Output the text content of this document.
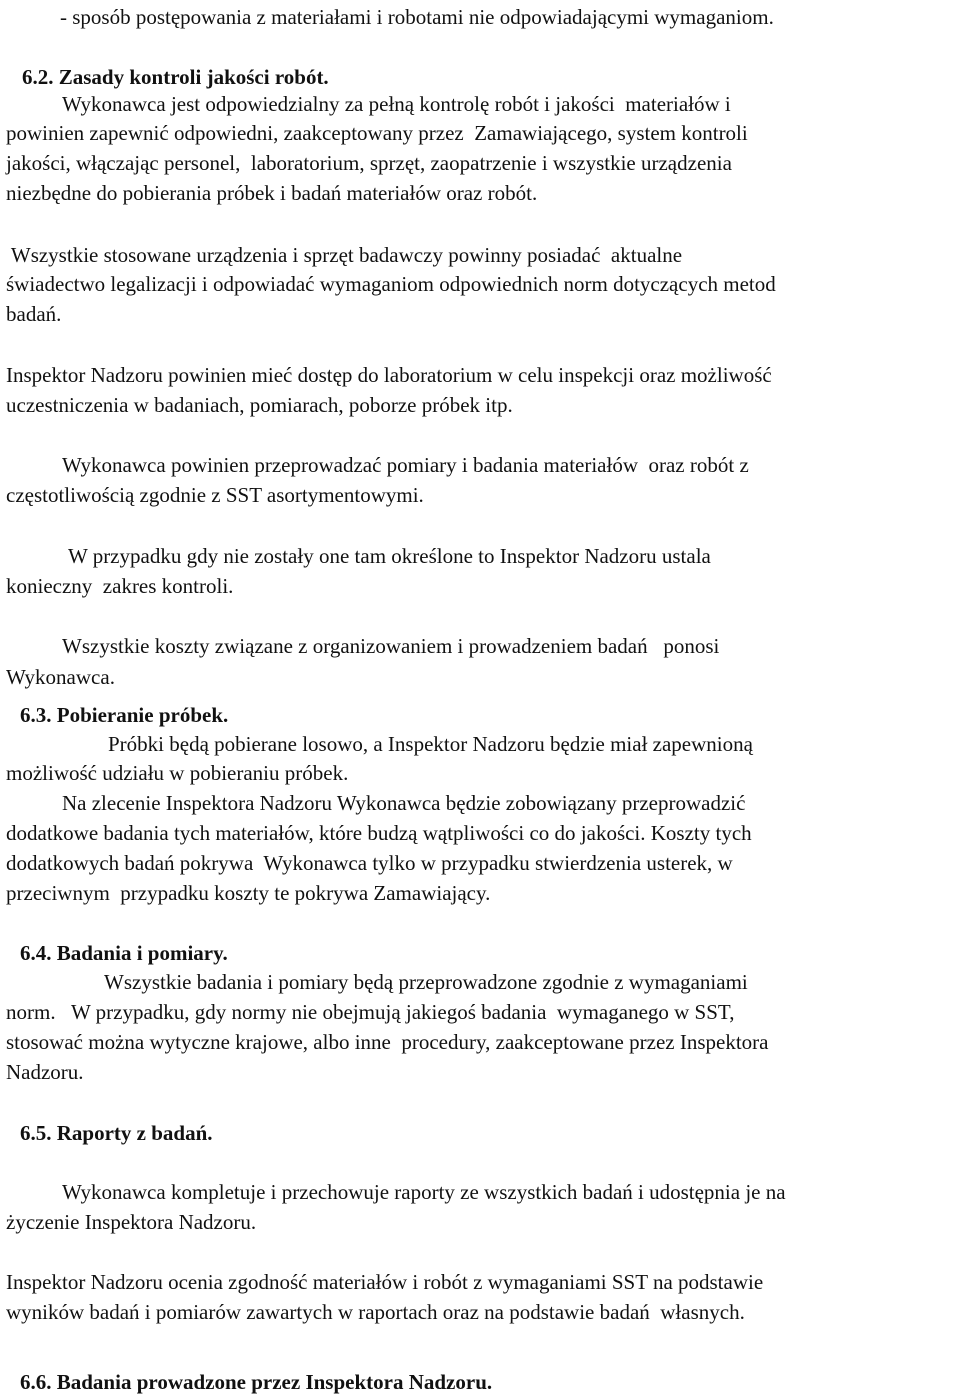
- sposób postępowania z materiałami i robotami nie odpowiadającymi wymaganiom.
6.2. Zasady kontroli jakości robót.
Wykonawca jest odpowiedzialny za pełną kontrolę robót i jakości  materiałów i
powinien zapewnić odpowiedni, zaakceptowany przez  Zamawiającego, system kontroli
jakości, włączając personel,  laboratorium, sprzęt, zaopatrzenie i wszystkie urządzenia
niezbędne do pobierania próbek i badań materiałów oraz robót.
Wszystkie stosowane urządzenia i sprzęt badawczy powinny posiadać  aktualne
świadectwo legalizacji i odpowiadać wymaganiom odpowiednich norm dotyczących metod
badań.
Inspektor Nadzoru powinien mieć dostęp do laboratorium w celu inspekcji oraz możliwość
uczestniczenia w badaniach, pomiarach, poborze próbek itp.
Wykonawca powinien przeprowadzać pomiary i badania materiałów  oraz robót z
częstotliwością zgodnie z SST asortymentowymi.
W przypadku gdy nie zostały one tam określone to Inspektor Nadzoru ustala
konieczny  zakres kontroli.
Wszystkie koszty związane z organizowaniem i prowadzeniem badań   ponosi
Wykonawca.
6.3. Pobieranie próbek.
Próbki będą pobierane losowo, a Inspektor Nadzoru będzie miał zapewnioną
możliwość udziału w pobieraniu próbek.
Na zlecenie Inspektora Nadzoru Wykonawca będzie zobowiązany przeprowadzić
dodatkowe badania tych materiałów, które budzą wątpliwości co do jakości. Koszty tych
dodatkowych badań pokrywa  Wykonawca tylko w przypadku stwierdzenia usterek, w
przeciwnym  przypadku koszty te pokrywa Zamawiający.
6.4. Badania i pomiary.
Wszystkie badania i pomiary będą przeprowadzone zgodnie z wymaganiami
norm.   W przypadku, gdy normy nie obejmują jakiegoś badania  wymaganego w SST,
stosować można wytyczne krajowe, albo inne  procedury, zaakceptowane przez Inspektora
Nadzoru.
6.5. Raporty z badań.
Wykonawca kompletuje i przechowuje raporty ze wszystkich badań i udostępnia je na
życzenie Inspektora Nadzoru.
Inspektor Nadzoru ocenia zgodność materiałów i robót z wymaganiami SST na podstawie
wyników badań i pomiarów zawartych w raportach oraz na podstawie badań  własnych.
6.6. Badania prowadzone przez Inspektora Nadzoru.
